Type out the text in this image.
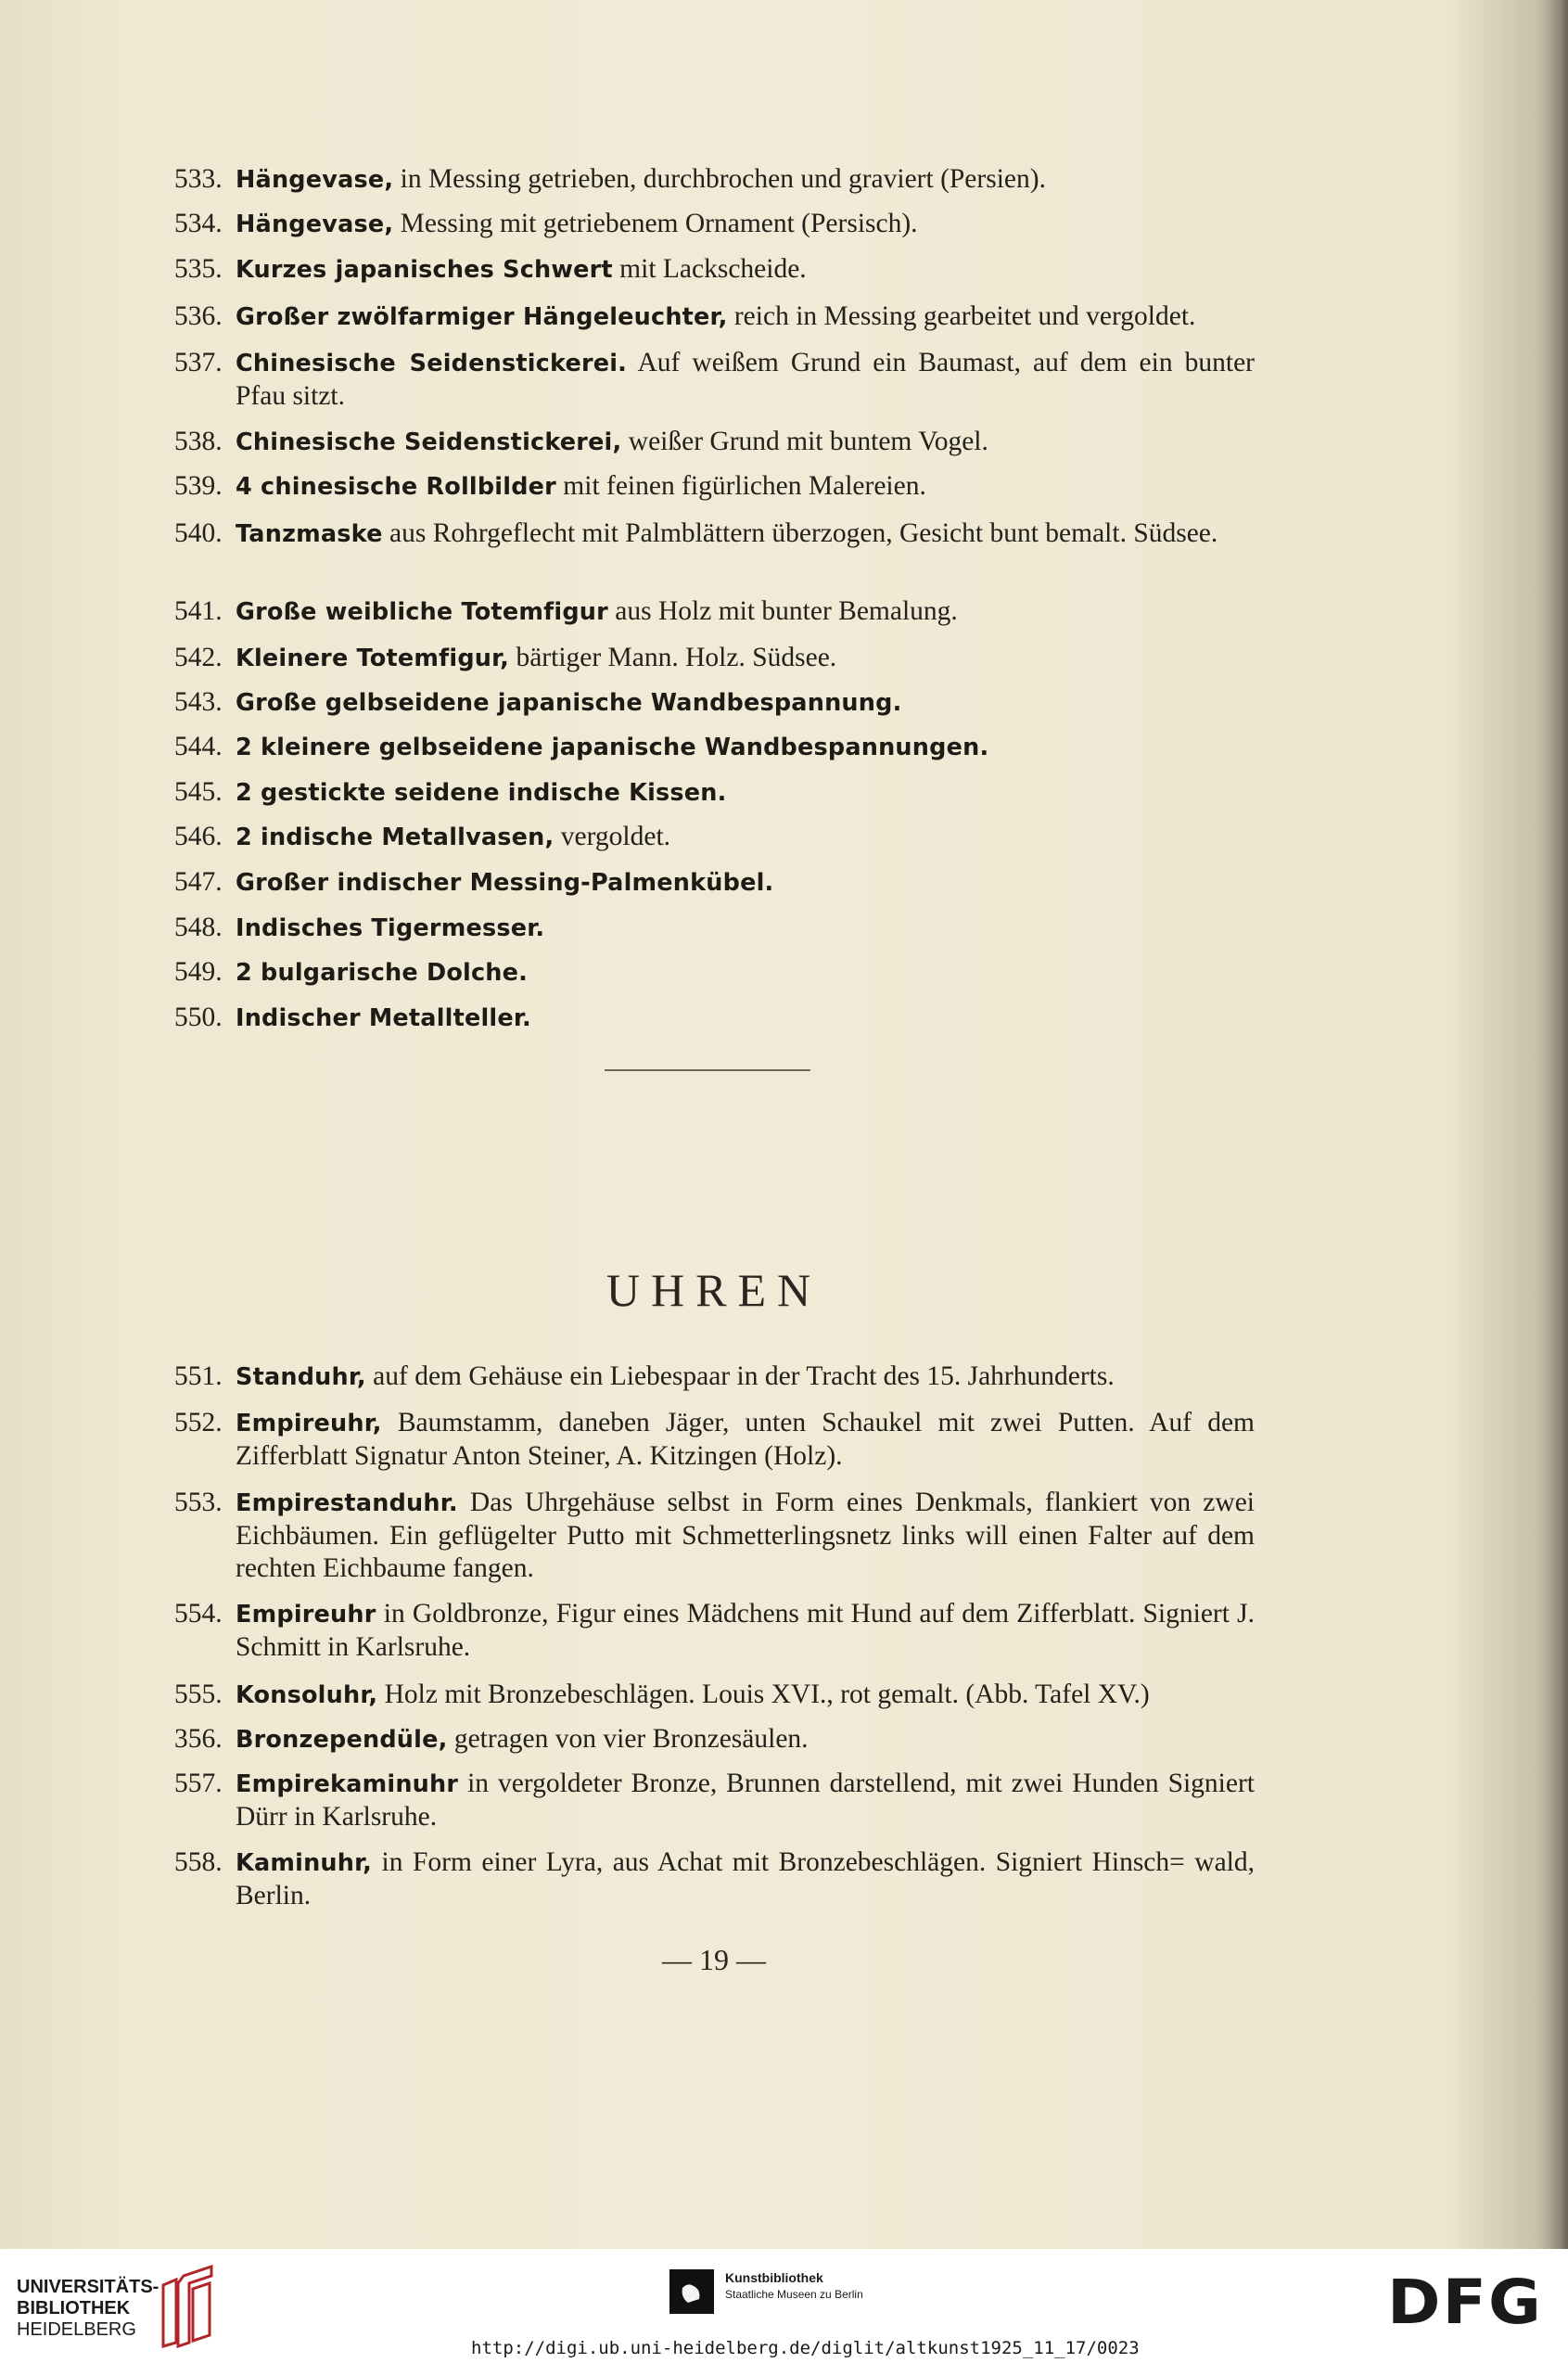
533. Hängevase, in Messing getrieben, durchbrochen und graviert (Persien).
534. Hängevase, Messing mit getriebenem Ornament (Persisch).
535. Kurzes japanisches Schwert mit Lackscheide.
536. Großer zwölfarmiger Hängeleuchter, reich in Messing gearbeitet und vergoldet.
537. Chinesische Seidenstickerei. Auf weißem Grund ein Baumast, auf dem ein bunter Pfau sitzt.
538. Chinesische Seidenstickerei, weißer Grund mit buntem Vogel.
539. 4 chinesische Rollbilder mit feinen figürlichen Malereien.
540. Tanzmaske aus Rohrgeflecht mit Palmblättern überzogen, Gesicht bunt bemalt. Südsee.
541. Große weibliche Totemfigur aus Holz mit bunter Bemalung.
542. Kleinere Totemfigur, bärtiger Mann. Holz. Südsee.
543. Große gelbseidene japanische Wandbespannung.
544. 2 kleinere gelbseidene japanische Wandbespannungen.
545. 2 gestickte seidene indische Kissen.
546. 2 indische Metallvasen, vergoldet.
547. Großer indischer Messing-Palmenkübel.
548. Indisches Tigermesser.
549. 2 bulgarische Dolche.
550. Indischer Metallteller.
UHREN
551. Standuhr, auf dem Gehäuse ein Liebespaar in der Tracht des 15. Jahrhunderts.
552. Empireuhr, Baumstamm, daneben Jäger, unten Schaukel mit zwei Putten. Auf dem Zifferblatt Signatur Anton Steiner, A. Kitzingen (Holz).
553. Empirestanduhr. Das Uhrgehäuse selbst in Form eines Denkmals, flankiert von zwei Eichbäumen. Ein geflügelter Putto mit Schmetterlingsnetz links will einen Falter auf dem rechten Eichbaume fangen.
554. Empireuhr in Goldbronze, Figur eines Mädchens mit Hund auf dem Zifferblatt. Signiert J. Schmitt in Karlsruhe.
555. Konsoluhr, Holz mit Bronzebeschlägen. Louis XVI., rot gemalt. (Abb. Tafel XV.)
356. Bronzependüle, getragen von vier Bronzesäulen.
557. Empirekaminuhr in vergoldeter Bronze, Brunnen darstellend, mit zwei Hunden Signiert Dürr in Karlsruhe.
558. Kaminuhr, in Form einer Lyra, aus Achat mit Bronzebeschlägen. Signiert Hinsch= wald, Berlin.
— 19 —
UNIVERSITÄTS-
BIBLIOTHEK
HEIDELBERG
Kunstbibliothek
Staatliche Museen zu Berlin	DFG
http://digi.ub.uni-heidelberg.de/diglit/altkunst1925_11_17/0023
